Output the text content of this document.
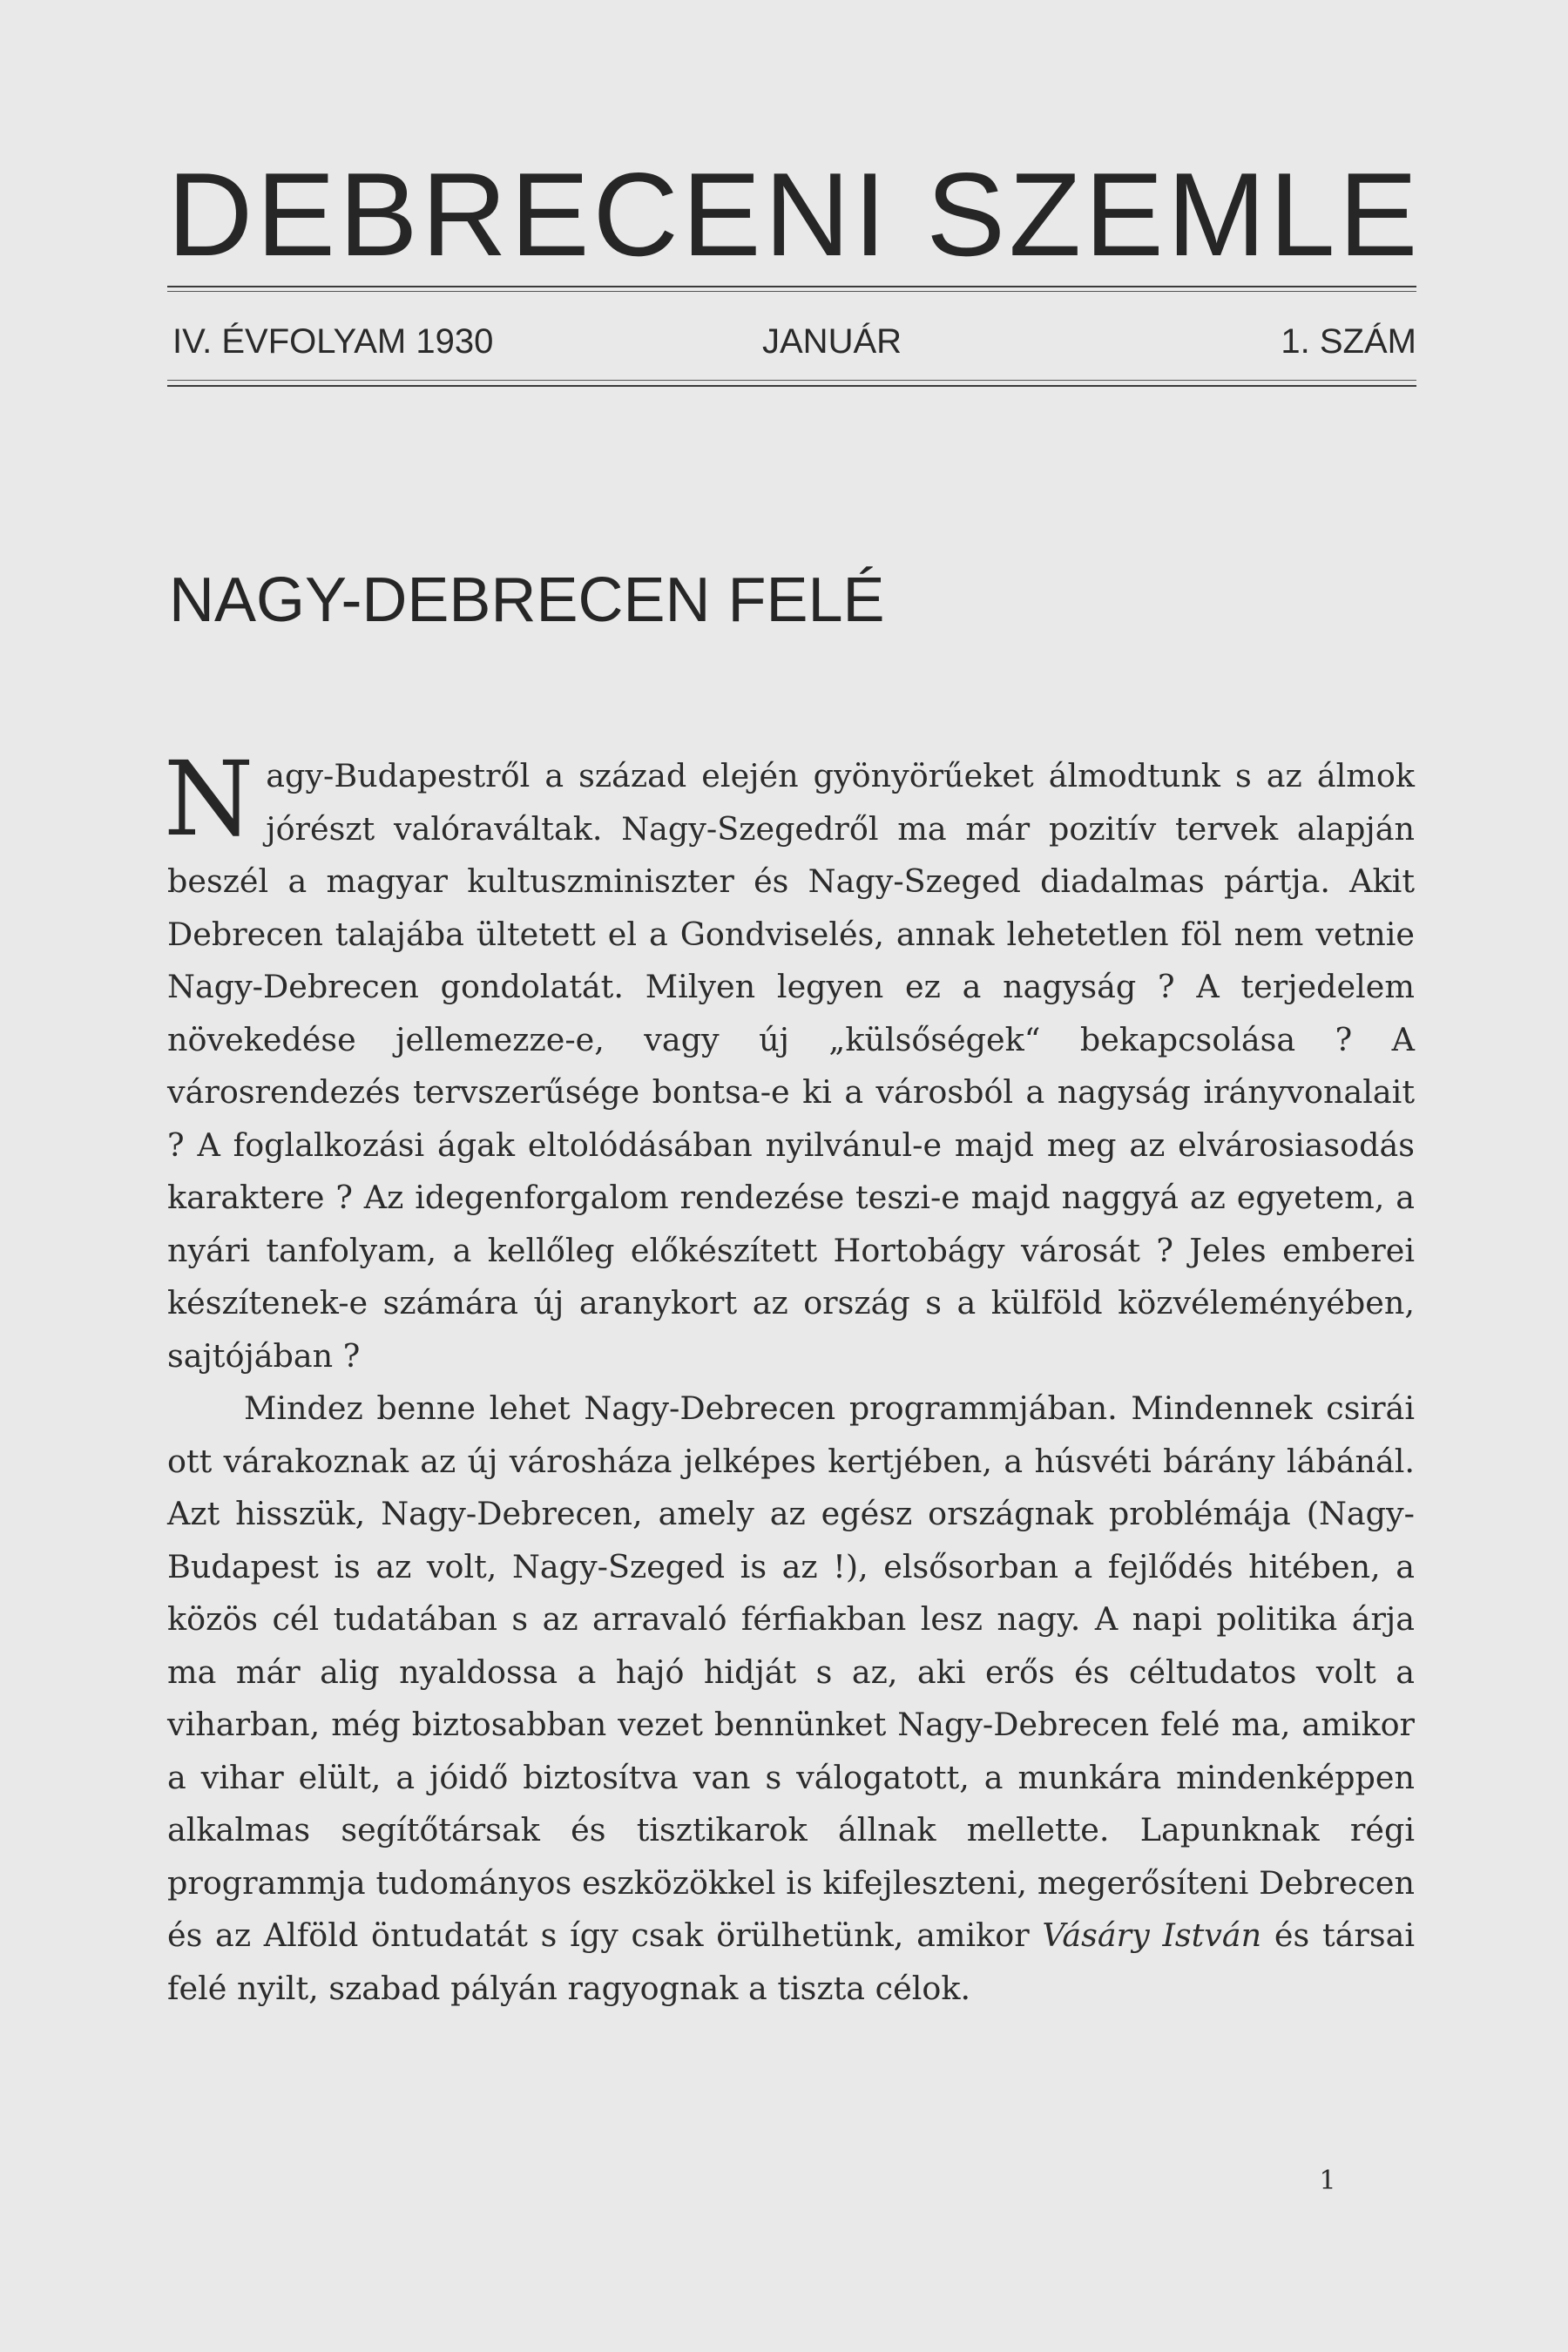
DEBRECENI SZEMLE
IV. ÉVFOLYAM 1930	JANUÁR	1. SZÁM
NAGY-DEBRECEN FELÉ

Nagy-Budapestről a század elején gyönyörűeket álmodtunk s az álmok jórészt valóraváltak. Nagy-Szegedről ma már pozitív tervek alapján beszél a magyar kultuszminiszter és Nagy-Szeged diadalmas pártja. Akit Debrecen talajába ültetett el a Gondviselés, annak lehetetlen föl nem vetnie Nagy-Debrecen gondolatát. Milyen legyen ez a nagyság ? A terjedelem növekedése jellemezze-e, vagy új „külsőségek“ bekapcsolása ? A városrendezés tervszerűsége bontsa-e ki a városból a nagyság irányvonalait ? A foglalkozási ágak eltolódásában nyilvánul-e majd meg az elvárosiasodás karaktere ? Az idegenforgalom rendezése teszi-e majd naggyá az egyetem, a nyári tanfolyam, a kellőleg előkészített Hortobágy városát ? Jeles emberei készítenek-e számára új aranykort az ország s a külföld közvéleményében, sajtójában ?

Mindez benne lehet Nagy-Debrecen programmjában. Mindennek csirái ott várakoznak az új városháza jelképes kertjében, a húsvéti bárány lábánál. Azt hisszük, Nagy-Debrecen, amely az egész országnak problémája (Nagy-Budapest is az volt, Nagy-Szeged is az !), elsősorban a fejlődés hitében, a közös cél tudatában s az arravaló férfiakban lesz nagy. A napi politika árja ma már alig nyaldossa a hajó hidját s az, aki erős és céltudatos volt a viharban, még biztosabban vezet bennünket Nagy-Debrecen felé ma, amikor a vihar elült, a jóidő biztosítva van s válogatott, a munkára mindenképpen alkalmas segítőtársak és tisztikarok állnak mellette. Lapunknak régi programmja tudományos eszközökkel is kifejleszteni, megerősíteni Debrecen és az Alföld öntudatát s így csak örülhetünk, amikor Vásáry István és társai felé nyilt, szabad pályán ragyognak a tiszta célok.

1
